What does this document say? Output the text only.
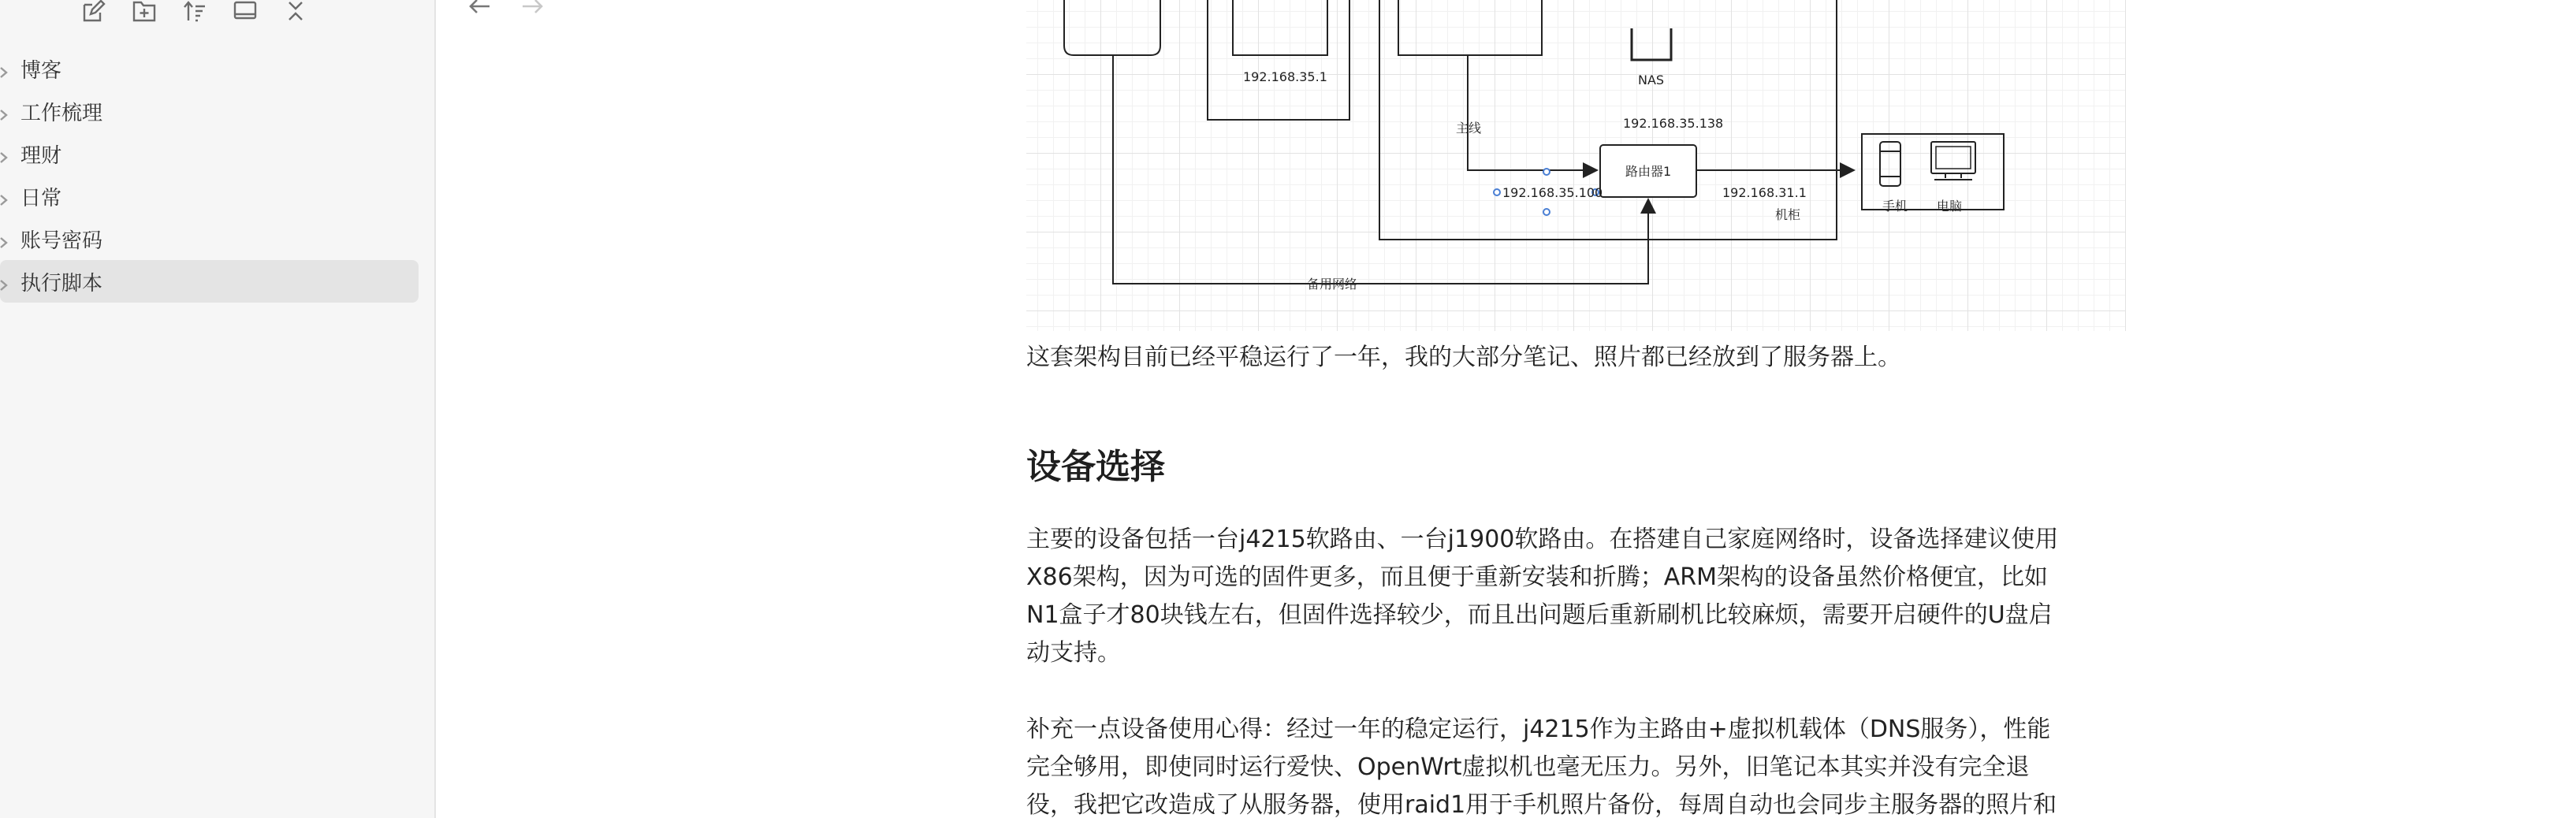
博客
工作梳理
理财
日常
账号密码
执行脚本
192.168.35.1	NAS
主线	192.168.35.138
路由器1
192.168.35.100	192.168.31.1
机柜
手机 电脑
备用网络
这套架构目前已经平稳运行了一年，我的大部分笔记、照片都已经放到了服务器上。
设备选择
主要的设备包括一台j4215软路由、一台j1900软路由。在搭建自己家庭网络时，设备选择建议使用
X86架构，因为可选的固件更多，而且便于重新安装和折腾；ARM架构的设备虽然价格便宜，比如
N1盒子才80块钱左右，但固件选择较少，而且出问题后重新刷机比较麻烦，需要开启硬件的U盘启
动支持。
补充一点设备使用心得：经过一年的稳定运行，j4215作为主路由+虚拟机载体（DNS服务），性能
完全够用，即使同时运行爱快、OpenWrt虚拟机也毫无压力。另外，旧笔记本其实并没有完全退
役，我把它改造成了从服务器，使用raid1用于手机照片备份，每周自动也会同步主服务器的照片和
